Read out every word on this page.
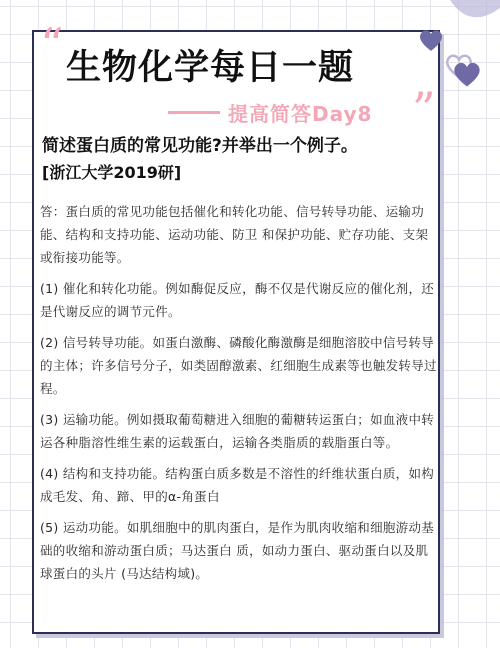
“ 生物化学每日一题
提高简答Day8 ”
简述蛋白质的常见功能?并举出一个例子。
[浙江大学2019研]

答：蛋白质的常见功能包括催化和转化功能、信号转导功能、运输功能、结构和支持功能、运动功能、防卫 和保护功能、贮存功能、支架或衔接功能等。

(1) 催化和转化功能。例如酶促反应，酶不仅是代谢反应的催化剂，还是代谢反应的调节元件。

(2) 信号转导功能。如蛋白激酶、磷酸化酶激酶是细胞溶胶中信号转导的主体；许多信号分子，如类固醇激素、红细胞生成素等也触发转导过程。

(3) 运输功能。例如摄取葡萄糖进入细胞的葡糖转运蛋白；如血液中转运各种脂溶性维生素的运载蛋白，运输各类脂质的载脂蛋白等。

(4) 结构和支持功能。结构蛋白质多数是不溶性的纤维状蛋白质，如构成毛发、角、蹄、甲的α-角蛋白

(5) 运动功能。如肌细胞中的肌肉蛋白，是作为肌肉收缩和细胞游动基础的收缩和游动蛋白质；马达蛋白 质，如动力蛋白、驱动蛋白以及肌球蛋白的头片 (马达结构域)。
